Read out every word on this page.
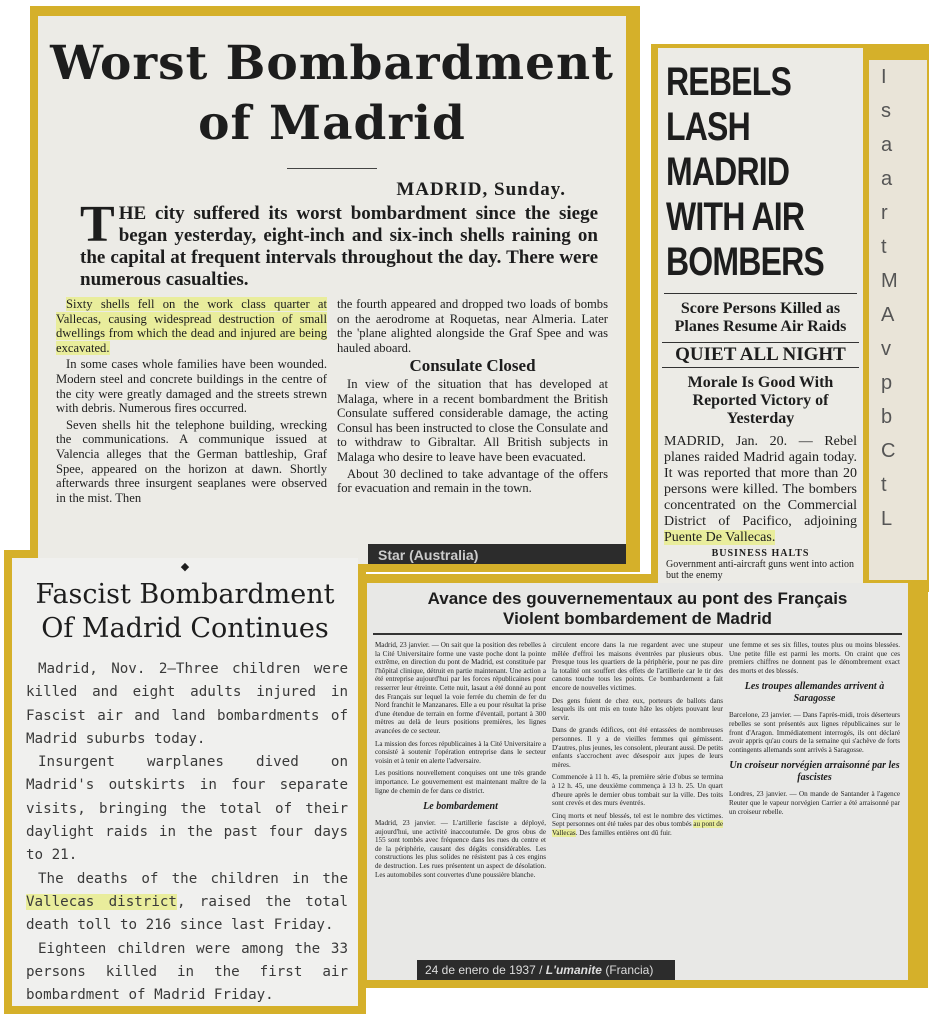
Worst Bombardment
of Madrid
MADRID, Sunday.
T HE city suffered its worst bombardment since the siege began yesterday, eight-inch and six-inch shells raining on the capital at frequent intervals throughout the day. There were numerous casualties.

Sixty shells fell on the work class quarter at Vallecas, causing widespread destruction of small dwellings from which the dead and injured are being excavated.

In some cases whole families have been wounded. Modern steel and concrete buildings in the centre of the city were greatly damaged and the streets strewn with debris. Numerous fires occurred.

Seven shells hit the telephone building, wrecking the communications. A communique issued at Valencia alleges that the German battleship, Graf Spee, appeared on the horizon at dawn. Shortly afterwards three insurgent seaplanes were observed in the mist. Then

the fourth appeared and dropped two loads of bombs on the aerodrome at Roquetas, near Almeria. Later the 'plane alighted alongside the Graf Spee and was hauled aboard.

Consulate Closed

In view of the situation that has developed at Malaga, where in a recent bombardment the British Consulate suffered considerable damage, the acting Consul has been instructed to close the Consulate and to withdraw to Gibraltar. All British subjects in Malaga who desire to leave have been evacuated.

About 30 declined to take advantage of the offers for evacuation and remain in the town.

Star (Australia)
REBELS LASH MADRID WITH AIR BOMBERS
Score Persons Killed as Planes Resume Air Raids
QUIET ALL NIGHT
Morale Is Good With Reported Victory of Yesterday
MADRID, Jan. 20. — Rebel planes raided Madrid again today. It was reported that more than 20 persons were killed. The bombers concentrated on the Commercial District of Pacifico, adjoining Puente De Vallecas.
BUSINESS HALTS
Government anti-aircraft guns went into action but the enemy
I
s
a
a
r
t
M
A
v
p
b
C
t
L
◆
Fascist Bombardment
Of Madrid Continues

Madrid, Nov. 2—Three children were killed and eight adults injured in Fascist air and land bombardments of Madrid suburbs today.

Insurgent warplanes dived on Madrid's outskirts in four separate visits, bringing the total of their daylight raids in the past four days to 21.

The deaths of the children in the Vallecas district, raised the total death toll to 216 since last Friday.

Eighteen children were among the 33 persons killed in the first air bombardment of Madrid Friday.

Avance des gouvernementaux au pont des Français
Violent bombardement de Madrid

Madrid, 23 janvier. — On sait que la position des rebelles à la Cité Universitaire forme une vaste poche dont la pointe extrême, en direction du pont de Madrid, est constituée par l'hôpital clinique, détruit en partie maintenant. Une action a été entreprise aujourd'hui par les forces républicaines pour resserrer leur étreinte. Cette nuit, lasaut a été donné au pont des Français sur lequel la voie ferrée du chemin de fer du Nord franchit le Manzanares. Elle a eu pour résultat la prise d'une étendue de terrain en forme d'éventail, portant à 300 mètres au delà de leurs positions premières, les lignes avancées de ce secteur.

La mission des forces républicaines à la Cité Universitaire a consisté à soutenir l'opération entreprise dans le secteur voisin et à tenir en alerte l'adversaire.

Les positions nouvellement conquises ont une très grande importance. Le gouvernement est maintenant maître de la ligne de chemin de fer dans ce district.

Le bombardement

Madrid, 23 janvier. — L'artillerie fasciste a déployé, aujourd'hui, une activité inaccoutumée. De gros obus de 155 sont tombés avec fréquence dans les rues du centre et de la périphérie, causant des dégâts considérables. Les constructions les plus solides ne résistent pas à ces engins de destruction. Les rues présentent un aspect de désolation. Les automobiles sont couvertes d'une poussière blanche.

circulent encore dans la rue regardent avec une stupeur mêlée d'effroi les maisons éventrées par plusieurs obus. Presque tous les quartiers de la périphérie, pour ne pas dire la totalité ont souffert des effets de l'artillerie car le tir des canons touche tous les points. Ce bombardement a fait encore de nouvelles victimes.

Des gens fuient de chez eux, porteurs de ballots dans lesquels ils ont mis en toute hâte les objets pouvant leur servir.

Dans de grands édifices, ont été entassées de nombreuses personnes. Il y a de vieilles femmes qui gémissent. D'autres, plus jeunes, les consolent, pleurant aussi. De petits enfants s'accrochent avec désespoir aux jupes de leurs mères.

Commencée à 11 h. 45, la première série d'obus se termina à 12 h. 45, une deuxième commença à 13 h. 25. Un quart d'heure après le dernier obus tombait sur la ville. Des toits sont crevés et des murs éventrés.

Cinq morts et neuf blessés, tel est le nombre des victimes. Sept personnes ont été tuées par des obus tombés au pont de Vallecas. Des familles entières ont dû fuir.

une femme et ses six filles, toutes plus ou moins blessées. Une petite fille est parmi les morts. On craint que ces premiers chiffres ne donnent pas le dénombrement exact des morts et des blessés.

Les troupes allemandes arrivent à Saragosse

Barcelone, 23 janvier. — Dans l'après-midi, trois déserteurs rebelles se sont présentés aux lignes républicaines sur le front d'Aragon. Immédiatement interrogés, ils ont déclaré avoir appris qu'au cours de la semaine qui s'achève de forts contingents allemands sont arrivés à Saragosse.

Un croiseur norvégien arraisonné par les fascistes

Londres, 23 janvier. — On mande de Santander à l'agence Reuter que le vapeur norvégien Carrier a été arraisonné par un croiseur rebelle.

24 de enero de 1937 / L'umanite (Francia)
